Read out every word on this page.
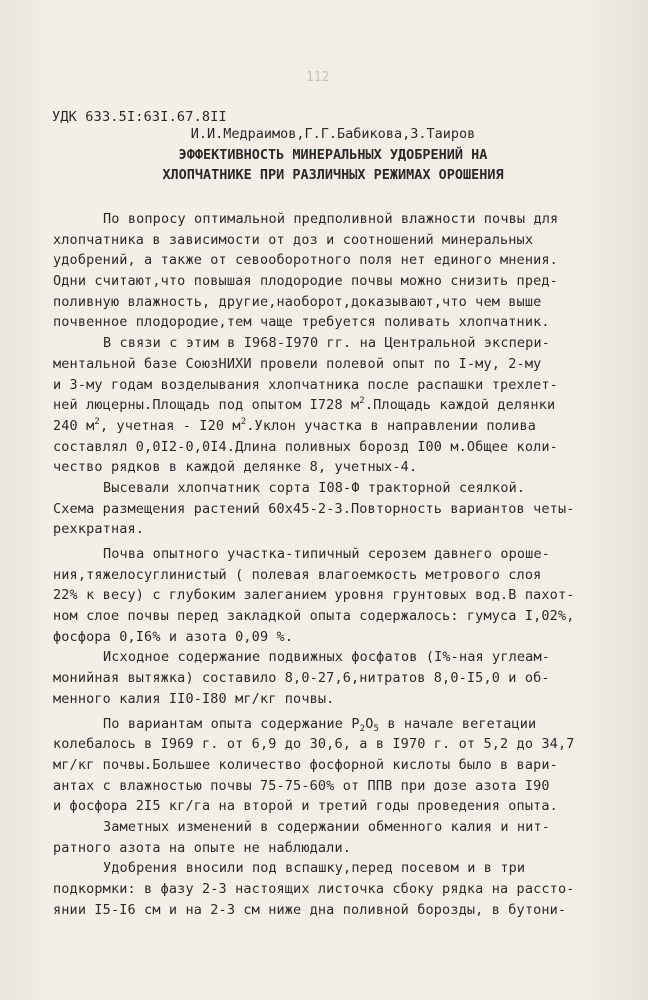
112
УДК 633.5I:63I.67.8II
И.И.Медраимов,Г.Г.Бабикова,З.Таиров
ЭФФЕКТИВНОСТЬ МИНЕРАЛЬНЫХ УДОБРЕНИЙ НА
ХЛОПЧАТНИКЕ ПРИ РАЗЛИЧНЫХ РЕЖИМАХ ОРОШЕНИЯ
По вопросу оптимальной предполивной влажности почвы для
хлопчатника в зависимости от доз и соотношений минеральных
удобрений, а также от севооборотного поля нет единого мнения.
Одни считают,что повышая плодородие почвы можно снизить пред-
поливную влажность, другие,наоборот,доказывают,что чем выше
почвенное плодородие,тем чаще требуется поливать хлопчатник.
В связи с этим в I968-I970 гг. на Центральной экспери-
ментальной базе СоюзНИХИ провели полевой опыт по I-му, 2-му
и 3-му годам возделывания хлопчатника после распашки трехлет-
ней люцерны.Площадь под опытом I728 $м^2.Площадь$ каждой делянки
240 $м^2$, учетная - I20 $м^2.Уклон$ участка в направлении полива
составлял 0,0I2-0,0I4.Длина поливных борозд I00 м.Общее коли-
чество рядков в каждой делянке 8, учетных-4.
Высевали хлопчатник сорта I08-Ф тракторной сеялкой.
Схема размещения растений 60х45-2-3.Повторность вариантов четы-
рехкратная.
Почва опытного участка-типичный серозем давнего ороше-
ния,тяжелосуглинистый ( полевая влагоемкость метрового слоя
22% к весу) с глубоким залеганием уровня грунтовых вод.В пахот-
ном слое почвы перед закладкой опыта содержалось: гумуса I,02%,
фосфора 0,I6% и азота 0,09 %.
Исходное содержание подвижных фосфатов (I%-ная углеам-
монийная вытяжка) составило 8,0-27,6,нитратов 8,0-I5,0 и об-
менного калия II0-I80 мг/кг почвы.
По вариантам опыта содержание $Р_2О_5$ в начале вегетации
колебалось в I969 г. от 6,9 до 30,6, а в I970 г. от 5,2 до 34,7
мг/кг почвы.Большее количество фосфорной кислоты было в вари-
антах с влажностью почвы 75-75-60% от ППВ при дозе азота I90
и фосфора 2I5 кг/га на второй и третий годы проведения опыта.
Заметных изменений в содержании обменного калия и нит-
ратного азота на опыте не наблюдали.
Удобрения вносили под вспашку,перед посевом и в три
подкормки: в фазу 2-3 настоящих листочка сбоку рядка на рассто-
янии I5-I6 см и на 2-3 см ниже дна поливной борозды, в бутони-
